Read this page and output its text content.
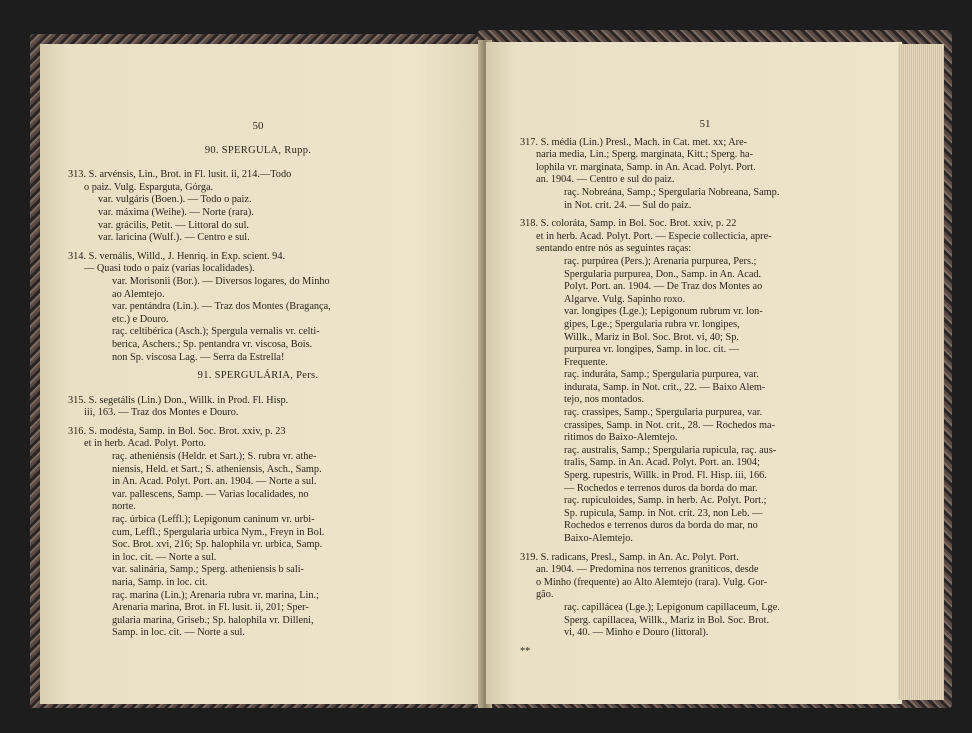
50
90. SPERGULA, Rupp.
313. S. arvénsis, Lin., Brot. in Fl. lusit. ii, 214.—Todo
o paiz. Vulg. Esparguta, Górga.
var. vulgáris (Boen.). — Todo o paiz.
var. máxima (Weihe). — Norte (rara).
var. grácilis, Petit. — Littoral do sul.
var. laricina (Wulf.). — Centro e sul.
314. S. vernális, Willd., J. Henriq. in Exp. scient. 94.
— Quasi todo o paiz (varias localidades).
var. Morisonii (Bor.). — Diversos logares, do Minho
ao Alemtejo.
var. pentándra (Lin.). — Traz dos Montes (Bragança,
etc.) e Douro.
raç. celtibérica (Asch.); Spergula vernalis vr. celti-
berica, Aschers.; Sp. pentandra vr. viscosa, Bois.
non Sp. viscosa Lag. — Serra da Estrella!
91. SPERGULÁRIA, Pers.
315. S. segetális (Lin.) Don., Willk. in Prod. Fl. Hisp.
iii, 163. — Traz dos Montes e Douro.
316. S. modésta, Samp. in Bol. Soc. Brot. xxiv, p. 23
et in herb. Acad. Polyt. Porto.
raç. atheniénsis (Heldr. et Sart.); S. rubra vr. athe-
niensis, Held. et Sart.; S. atheniensis, Asch., Samp.
in An. Acad. Polyt. Port. an. 1904. — Norte a sul.
var. pallescens, Samp. — Varias localidades, no
norte.
raç. úrbica (Leffl.); Lepigonum caninum vr. urbi-
cum, Leffl.; Spergularia urbica Nym., Freyn in Bol.
Soc. Brot. xvi, 216; Sp. halophila vr. urbica, Samp.
in loc. cit. — Norte a sul.
var. salinária, Samp.; Sperg. atheniensis b sali-
naria, Samp. in loc. cit.
raç. marina (Lin.); Arenaria rubra vr. marina, Lin.;
Arenaria marina, Brot. in Fl. lusit. ii, 201; Sper-
gularia marina, Griseb.; Sp. halophila vr. Dilleni,
Samp. in loc. cit. — Norte a sul.
51
317. S. média (Lin.) Presl., Mach. in Cat. met. xx; Are-
naria media, Lin.; Sperg. marginata, Kitt.; Sperg. ha-
lophila vr. marginata, Samp. in An. Acad. Polyt. Port.
an. 1904. — Centro e sul do paiz.
raç. Nobreána, Samp.; Spergularia Nobreana, Samp.
in Not. crit. 24. — Sul do paiz.
318. S. coloráta, Samp. in Bol. Soc. Brot. xxiv, p. 22
et in herb. Acad. Polyt. Port. — Especie collecticia, apre-
sentando entre nós as seguintes raças:
raç. purpúrea (Pers.); Arenaria purpurea, Pers.;
Spergularia purpurea, Don., Samp. in An. Acad.
Polyt. Port. an. 1904. — De Traz dos Montes ao
Algarve. Vulg. Sapinho roxo.
var. longipes (Lge.); Lepigonum rubrum vr. lon-
gipes, Lge.; Spergularia rubra vr. longipes,
Willk., Mariz in Bol. Soc. Brot. vi, 40; Sp.
purpurea vr. longipes, Samp. in loc. cit. —
Frequente.
raç. induráta, Samp.; Spergularia purpurea, var.
indurata, Samp. in Not. crit., 22. — Baixo Alem-
tejo, nos montados.
raç. crassipes, Samp.; Spergularia purpurea, var.
crassipes, Samp. in Not. crit., 28. — Rochedos ma-
ritimos do Baixo-Alemtejo.
raç. australis, Samp.; Spergularia rupicula, raç. aus-
tralis, Samp. in An. Acad. Polyt. Port. an. 1904;
Sperg. rupestris, Willk. in Prod. Fl. Hisp. iii, 166.
— Rochedos e terrenos duros da borda do mar.
raç. rupiculoides, Samp. in herb. Ac. Polyt. Port.;
Sp. rupicula, Samp. in Not. crit. 23, non Leb. —
Rochedos e terrenos duros da borda do mar, no
Baixo-Alemtejo.
319. S. radicans, Presl., Samp. in An. Ac. Polyt. Port.
an. 1904. — Predomina nos terrenos graniticos, desde
o Minho (frequente) ao Alto Alemtejo (rara). Vulg. Gor-
gão.
raç. capillácea (Lge.); Lepigonum capillaceum, Lge.
Sperg. capillacea, Willk., Mariz in Bol. Soc. Brot.
vi, 40. — Minho e Douro (littoral).
**
